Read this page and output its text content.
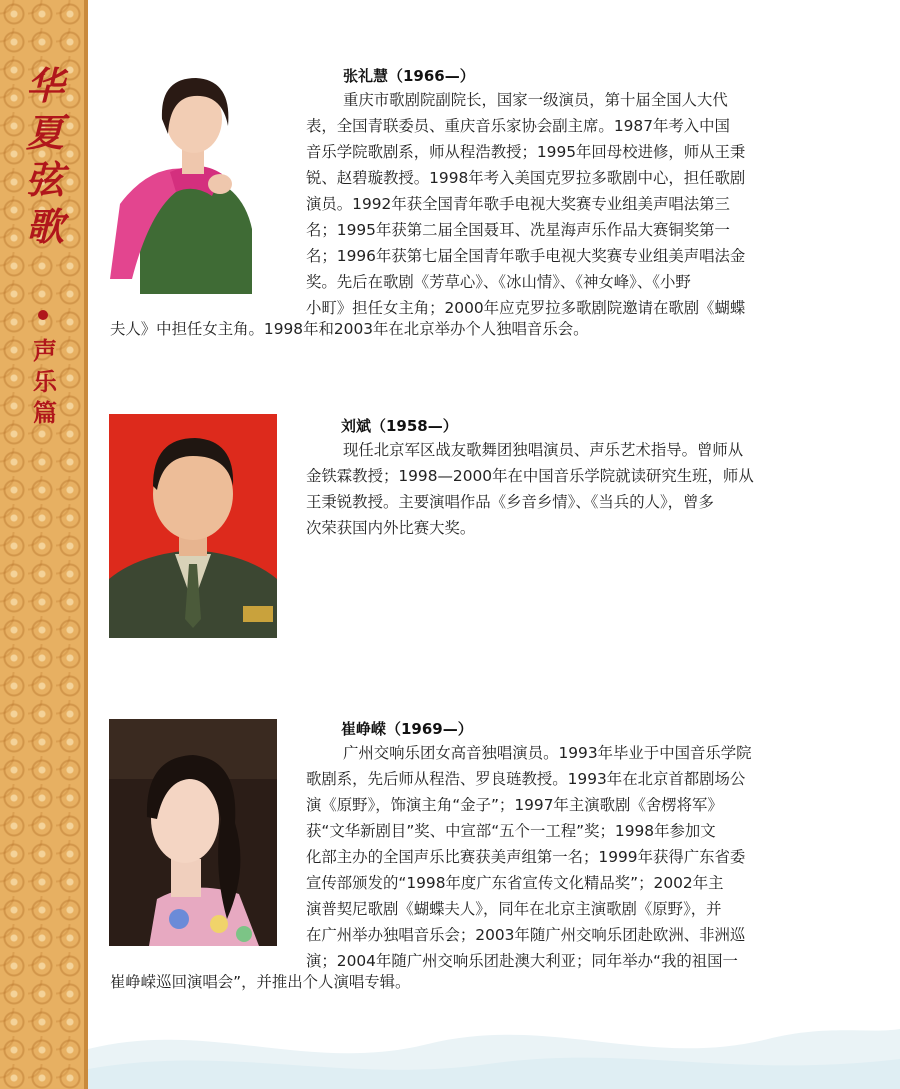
华
夏
弦
歌
声
乐
篇
张礼慧（1966—）
重庆市歌剧院副院长，国家一级演员，第十届全国人大代
表，全国青联委员、重庆音乐家协会副主席。1987年考入中国
音乐学院歌剧系，师从程浩教授；1995年回母校进修，师从王秉
锐、赵碧璇教授。1998年考入美国克罗拉多歌剧中心，担任歌剧
演员。1992年获全国青年歌手电视大奖赛专业组美声唱法第三
名；1995年获第二届全国聂耳、冼星海声乐作品大赛铜奖第一
名；1996年获第七届全国青年歌手电视大奖赛专业组美声唱法金
奖。先后在歌剧《芳草心》、《冰山情》、《神女峰》、《小野
小町》担任女主角；2000年应克罗拉多歌剧院邀请在歌剧《蝴蝶
夫人》中担任女主角。1998年和2003年在北京举办个人独唱音乐会。
刘斌（1958—）
现任北京军区战友歌舞团独唱演员、声乐艺术指导。曾师从
金铁霖教授；1998—2000年在中国音乐学院就读研究生班，师从
王秉锐教授。主要演唱作品《乡音乡情》、《当兵的人》，曾多
次荣获国内外比赛大奖。
崔峥嵘（1969—）
广州交响乐团女高音独唱演员。1993年毕业于中国音乐学院
歌剧系，先后师从程浩、罗良琏教授。1993年在北京首都剧场公
演《原野》，饰演主角“金子”；1997年主演歌剧《舍楞将军》
获“文华新剧目”奖、中宣部“五个一工程”奖；1998年参加文
化部主办的全国声乐比赛获美声组第一名；1999年获得广东省委
宣传部颁发的“1998年度广东省宣传文化精品奖”；2002年主
演普契尼歌剧《蝴蝶夫人》，同年在北京主演歌剧《原野》，并
在广州举办独唱音乐会；2003年随广州交响乐团赴欧洲、非洲巡
演；2004年随广州交响乐团赴澳大利亚；同年举办“我的祖国一
崔峥嵘巡回演唱会”，并推出个人演唱专辑。
